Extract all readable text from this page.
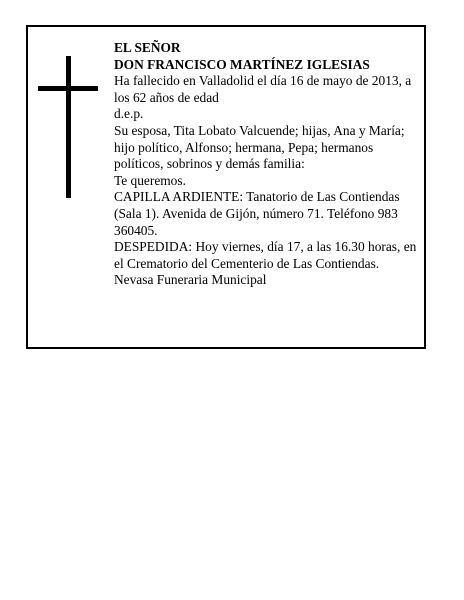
EL SEÑOR

DON FRANCISCO MARTÍNEZ IGLESIAS

Ha fallecido en Valladolid el día 16 de mayo de 2013, a los 62 años de edad

d.e.p.

Su esposa, Tita Lobato Valcuende; hijas, Ana y María; hijo político, Alfonso; hermana, Pepa; hermanos políticos, sobrinos y demás familia:

Te queremos.

CAPILLA ARDIENTE: Tanatorio de Las Contiendas (Sala 1). Avenida de Gijón, número 71. Teléfono 983 360405.

DESPEDIDA: Hoy viernes, día 17, a las 16.30 horas, en el Crematorio del Cementerio de Las Contiendas.

Nevasa Funeraria Municipal
